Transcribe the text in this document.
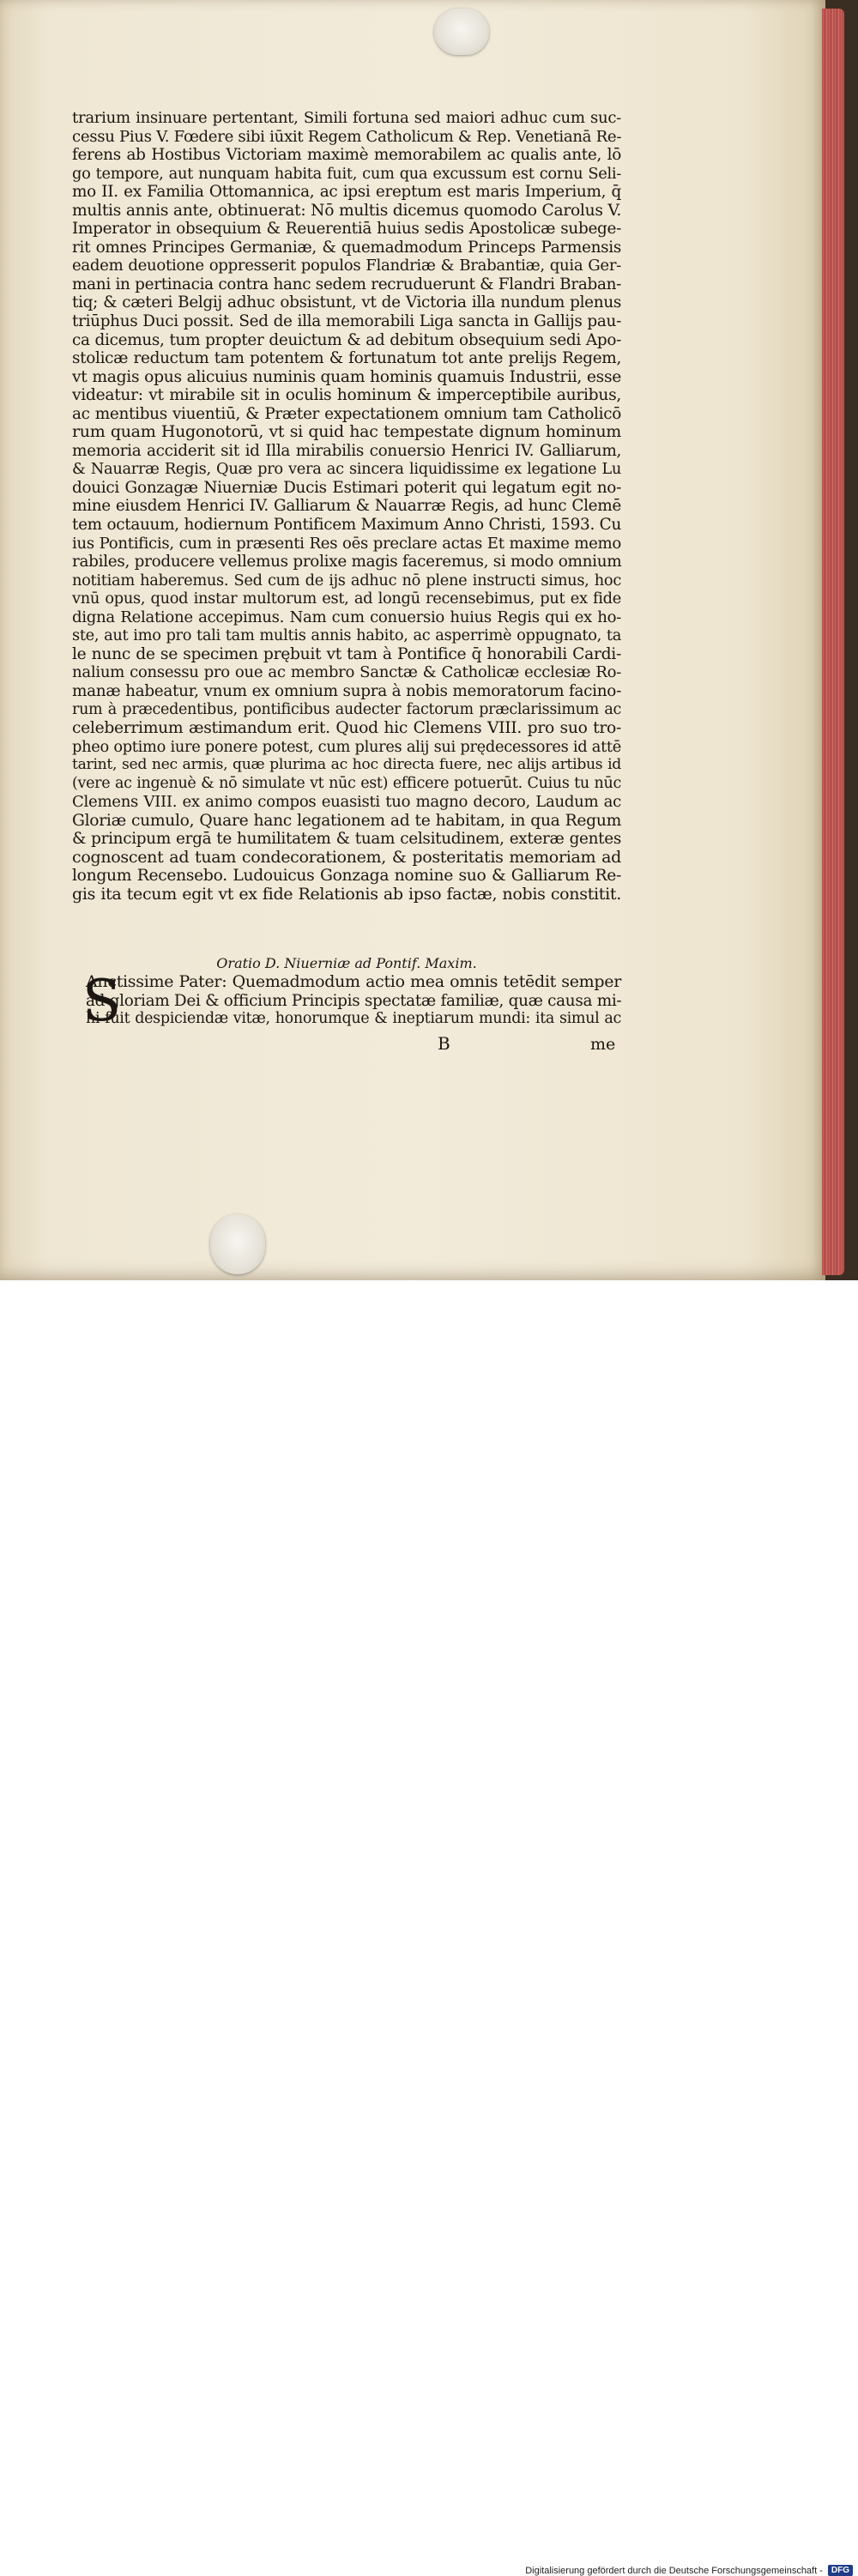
trarium insinuare pertentant, Simili fortuna sed maiori adhuc cum suc-
cessu Pius V. Fœdere sibi iūxit Regem Catholicum & Rep. Venetianā Re-
ferens ab Hostibus Victoriam maximè memorabilem ac qualis ante, lō
go tempore, aut nunquam habita fuit, cum qua excussum est cornu Seli-
mo II. ex Familia Ottomannica, ac ipsi ereptum est maris Imperium, q̄
multis annis ante, obtinuerat: Nō multis dicemus quomodo Carolus V.
Imperator in obsequium & Reuerentiā huius sedis Apostolicæ subege-
rit omnes Principes Germaniæ, & quemadmodum Princeps Parmensis
eadem deuotione oppresserit populos Flandriæ & Brabantiæ, quia Ger-
mani in pertinacia contra hanc sedem recruduerunt & Flandri Braban-
tiq; & cæteri Belgij adhuc obsistunt, vt de Victoria illa nundum plenus
triūphus Duci possit. Sed de illa memorabili Liga sancta in Gallijs pau-
ca dicemus, tum propter deuictum & ad debitum obsequium sedi Apo-
stolicæ reductum tam potentem & fortunatum tot ante prelijs Regem,
vt magis opus alicuius numinis quam hominis quamuis Industrii, esse
videatur: vt mirabile sit in oculis hominum & imperceptibile auribus,
ac mentibus viuentiū, & Præter expectationem omnium tam Catholicō
rum quam Hugonotorū, vt si quid hac tempestate dignum hominum
memoria acciderit sit id Illa mirabilis conuersio Henrici IV. Galliarum,
& Nauarræ Regis, Quæ pro vera ac sincera liquidissime ex legatione Lu
douici Gonzagæ Niuerniæ Ducis Estimari poterit qui legatum egit no-
mine eiusdem Henrici IV. Galliarum & Nauarræ Regis, ad hunc Clemē
tem octauum, hodiernum Pontificem Maximum Anno Christi, 1593. Cu
ius Pontificis, cum in præsenti Res oēs preclare actas Et maxime memo
rabiles, producere vellemus prolixe magis faceremus, si modo omnium
notitiam haberemus. Sed cum de ijs adhuc nō plene instructi simus, hoc
vnū opus, quod instar multorum est, ad longū recensebimus, put ex fide
digna Relatione accepimus. Nam cum conuersio huius Regis qui ex ho-
ste, aut imo pro tali tam multis annis habito, ac asperrimè oppugnato, ta
le nunc de se specimen prębuit vt tam à Pontifice q̄ honorabili Cardi-
nalium consessu pro oue ac membro Sanctæ & Catholicæ ecclesiæ Ro-
manæ habeatur, vnum ex omnium supra à nobis memoratorum facino-
rum à præcedentibus, pontificibus audecter factorum præclarissimum ac
celeberrimum æstimandum erit. Quod hic Clemens VIII. pro suo tro-
pheo optimo iure ponere potest, cum plures alij sui prędecessores id attē
tarint, sed nec armis, quæ plurima ac hoc directa fuere, nec alijs artibus id
(vere ac ingenuè & nō simulate vt nūc est) efficere potuerūt. Cuius tu nūc
Clemens VIII. ex animo compos euasisti tuo magno decoro, Laudum ac
Gloriæ cumulo, Quare hanc legationem ad te habitam, in qua Regum
& principum ergā te humilitatem & tuam celsitudinem, exteræ gentes
cognoscent ad tuam condecorationem, & posteritatis memoriam ad
longum Recensebo. Ludouicus Gonzaga nomine suo & Galliarum Re-
gis ita tecum egit vt ex fide Relationis ab ipso factæ, nobis constitit.
Oratio D. Niuerniæ ad Pontif. Maxim.
S
Anctissime Pater: Quemadmodum actio mea omnis tetēdit semper
ad gloriam Dei & officium Principis spectatæ familiæ, quæ causa mi-
hi fuit despiciendæ vitæ, honorumque & ineptiarum mundi: ita simul ac
B	me
Digitalisierung gefördert durch die Deutsche Forschungsgemeinschaft -	DFG
